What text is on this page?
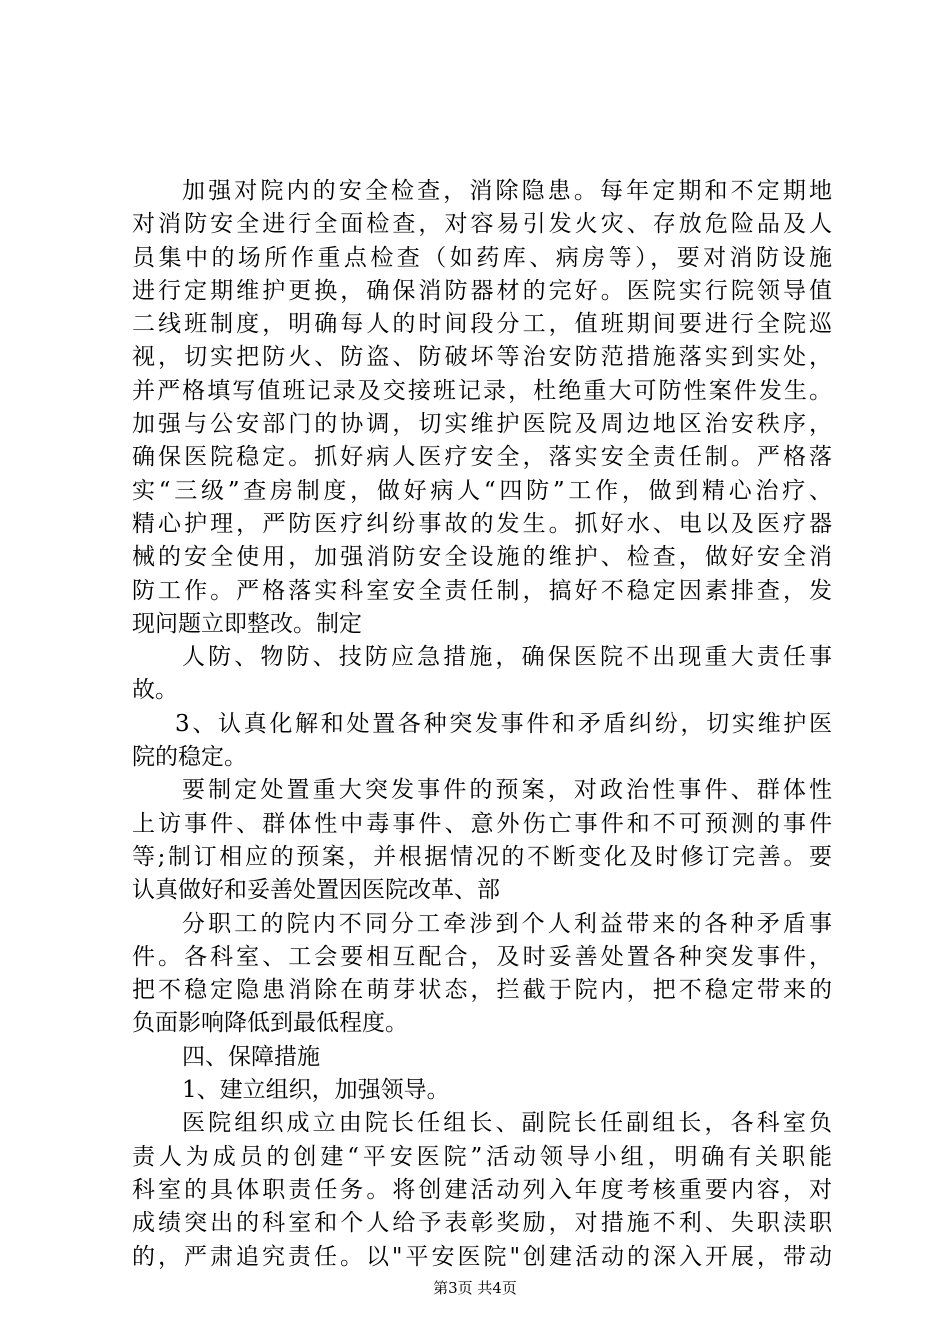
加强对院内的安全检查，消除隐患。每年定期和不定期地
对消防安全进行全面检查，对容易引发火灾、存放危险品及人
员集中的场所作重点检查（如药库、病房等），要对消防设施
进行定期维护更换，确保消防器材的完好。医院实行院领导值
二线班制度，明确每人的时间段分工，值班期间要进行全院巡
视，切实把防火、防盗、防破坏等治安防范措施落实到实处，
并严格填写值班记录及交接班记录，杜绝重大可防性案件发生。
加强与公安部门的协调，切实维护医院及周边地区治安秩序，
确保医院稳定。抓好病人医疗安全，落实安全责任制。严格落
实“三级”查房制度，做好病人“四防”工作，做到精心治疗、
精心护理，严防医疗纠纷事故的发生。抓好水、电以及医疗器
械的安全使用，加强消防安全设施的维护、检查，做好安全消
防工作。严格落实科室安全责任制，搞好不稳定因素排查，发
现问题立即整改。制定
人防、物防、技防应急措施，确保医院不出现重大责任事
故。
3、认真化解和处置各种突发事件和矛盾纠纷，切实维护医
院的稳定。
要制定处置重大突发事件的预案，对政治性事件、群体性
上访事件、群体性中毒事件、意外伤亡事件和不可预测的事件
等;制订相应的预案，并根据情况的不断变化及时修订完善。要
认真做好和妥善处置因医院改革、部
分职工的院内不同分工牵涉到个人利益带来的各种矛盾事
件。各科室、工会要相互配合，及时妥善处置各种突发事件，
把不稳定隐患消除在萌芽状态，拦截于院内，把不稳定带来的
负面影响降低到最低程度。
四、保障措施
1、建立组织，加强领导。
医院组织成立由院长任组长、副院长任副组长，各科室负
责人为成员的创建“平安医院”活动领导小组，明确有关职能
科室的具体职责任务。将创建活动列入年度考核重要内容，对
成绩突出的科室和个人给予表彰奖励，对措施不利、失职渎职
的，严肃追究责任。以"平安医院"创建活动的深入开展，带动
第3页 共4页
